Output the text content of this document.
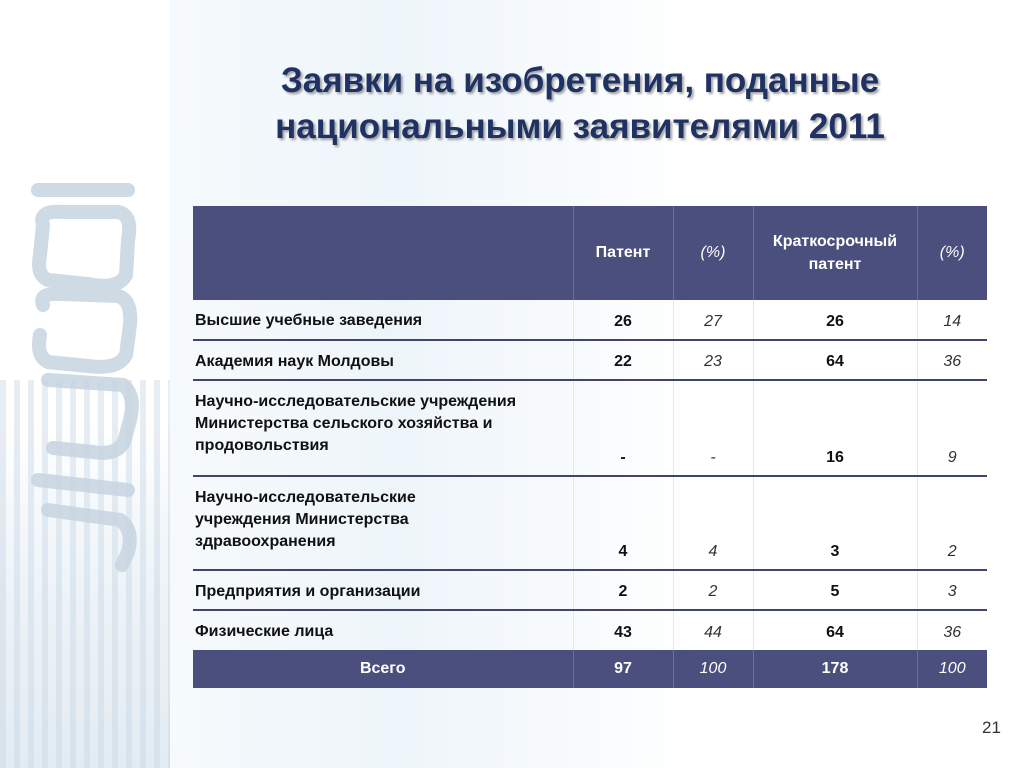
Заявки на изобретения, поданные национальными заявителями 2011
	Патент	(%)	Краткосрочный патент	(%)
Высшие учебные заведения	26	27	26	14
Академия наук Молдовы	22	23	64	36
Научно-исследовательские учреждения Министерства сельского хозяйства и продовольствия	-	-	16	9
Научно-исследовательские учреждения Министерства здравоохранения	4	4	3	2
Предприятия и организации	2	2	5	3
Физические лица	43	44	64	36
Всего	97	100	178	100
21
